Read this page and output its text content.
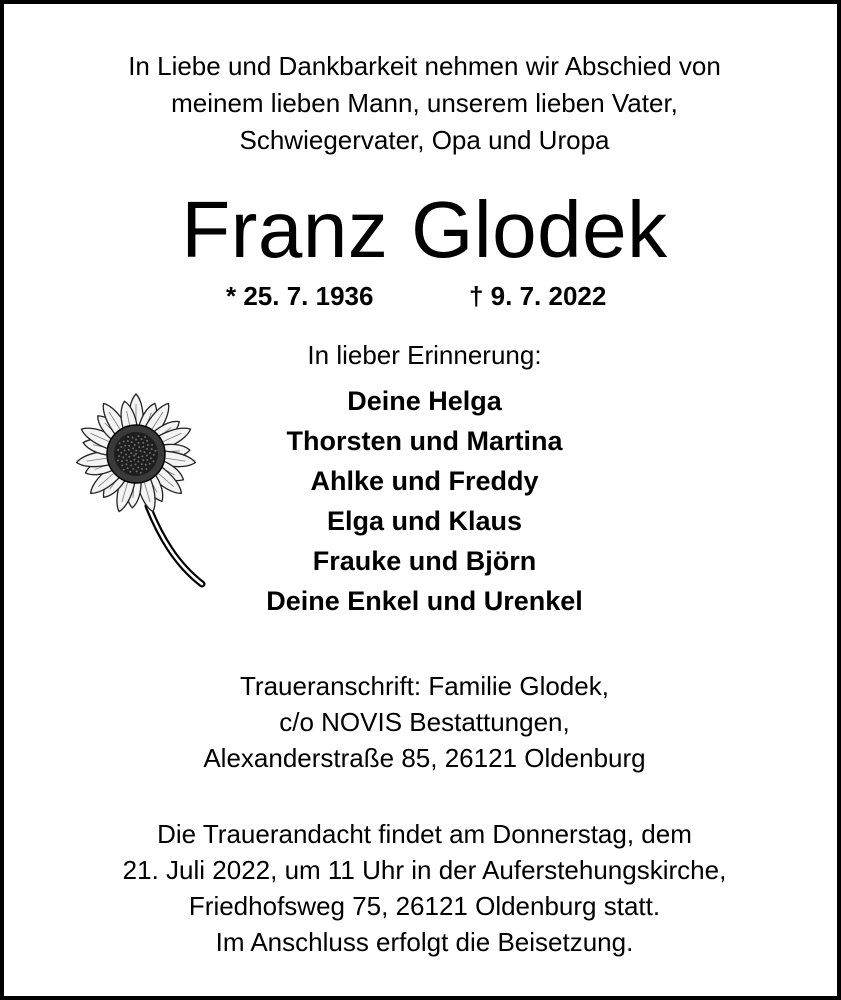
In Liebe und Dankbarkeit nehmen wir Abschied von
meinem lieben Mann, unserem lieben Vater,
Schwiegervater, Opa und Uropa
Franz Glodek
* 25. 7. 1936	† 9. 7. 2022
In lieber Erinnerung:
Deine Helga
Thorsten und Martina
Ahlke und Freddy
Elga und Klaus
Frauke und Björn
Deine Enkel und Urenkel
Traueranschrift: Familie Glodek,
c/o NOVIS Bestattungen,
Alexanderstraße 85, 26121 Oldenburg
Die Trauerandacht findet am Donnerstag, dem
21. Juli 2022, um 11 Uhr in der Auferstehungskirche,
Friedhofsweg 75, 26121 Oldenburg statt.
Im Anschluss erfolgt die Beisetzung.
